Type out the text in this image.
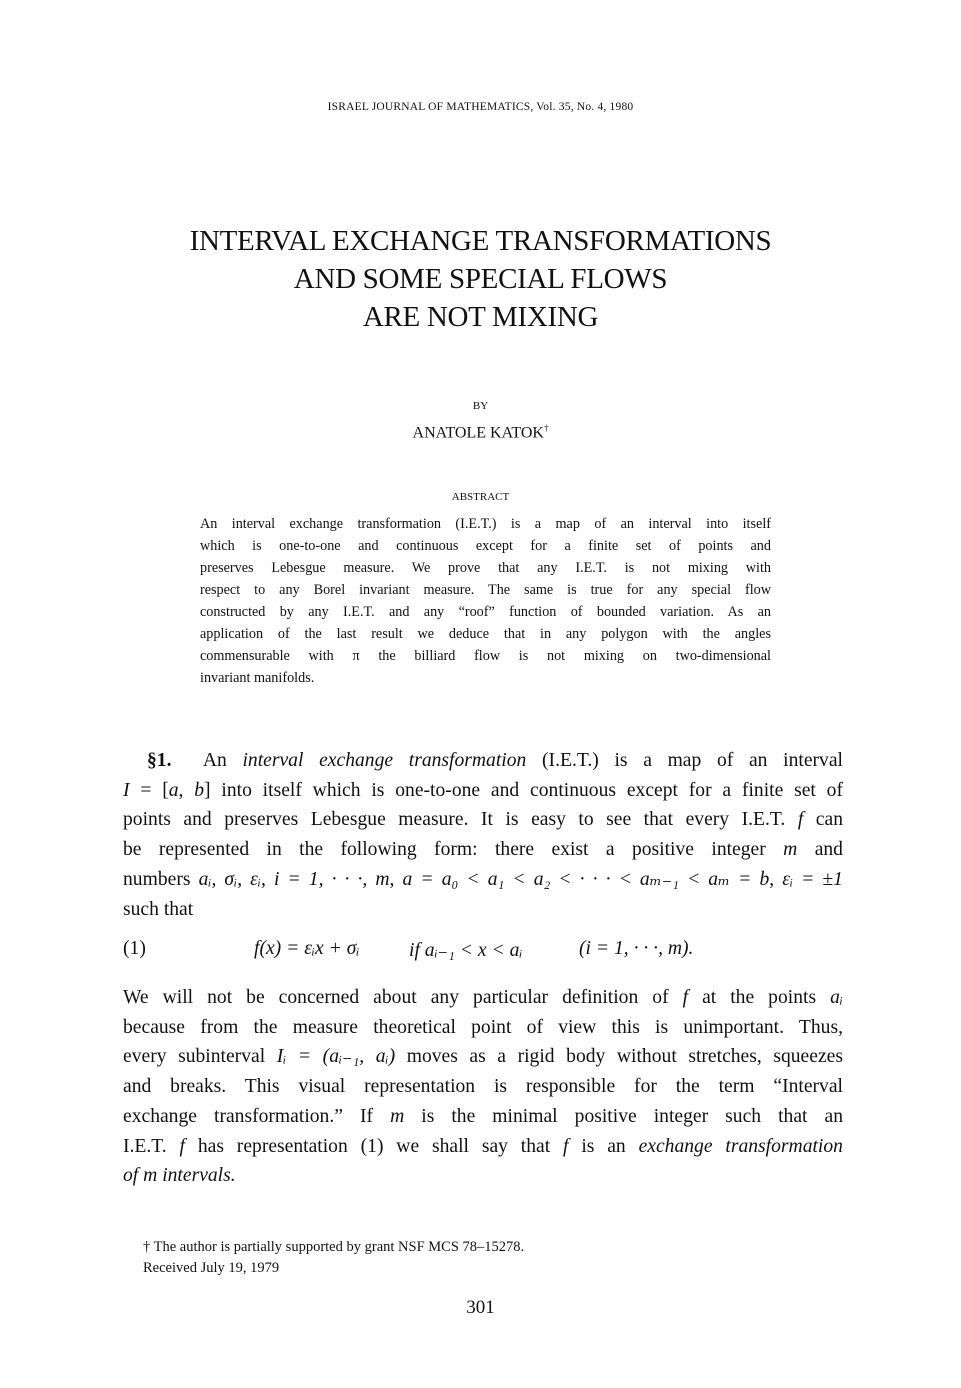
ISRAEL JOURNAL OF MATHEMATICS, Vol. 35, No. 4, 1980
INTERVAL EXCHANGE TRANSFORMATIONS
AND SOME SPECIAL FLOWS
ARE NOT MIXING
BY
ANATOLE KATOK†
ABSTRACT
An interval exchange transformation (I.E.T.) is a map of an interval into itself
which is one-to-one and continuous except for a finite set of points and
preserves Lebesgue measure. We prove that any I.E.T. is not mixing with
respect to any Borel invariant measure. The same is true for any special flow
constructed by any I.E.T. and any “roof” function of bounded variation. As an
application of the last result we deduce that in any polygon with the angles
commensurable with π the billiard flow is not mixing on two-dimensional
invariant manifolds.
§1. An interval exchange transformation (I.E.T.) is a map of an interval
I = [a, b] into itself which is one-to-one and continuous except for a finite set of
points and preserves Lebesgue measure. It is easy to see that every I.E.T. f can
be represented in the following form: there exist a positive integer m and
numbers aᵢ, σᵢ, εᵢ, i = 1, · · ·, m, a = a₀ < a₁ < a₂ < · · · < aₘ₋₁ < aₘ = b, εᵢ = ±1
such that
(1)	f(x) = εᵢx + σᵢ	if aᵢ₋₁ < x < aᵢ	(i = 1, · · ·, m).
We will not be concerned about any particular definition of f at the points aᵢ
because from the measure theoretical point of view this is unimportant. Thus,
every subinterval Iᵢ = (aᵢ₋₁, aᵢ) moves as a rigid body without stretches, squeezes
and breaks. This visual representation is responsible for the term “Interval
exchange transformation.” If m is the minimal positive integer such that an
I.E.T. f has representation (1) we shall say that f is an exchange transformation
of m intervals.
† The author is partially supported by grant NSF MCS 78–15278.
Received July 19, 1979
301
